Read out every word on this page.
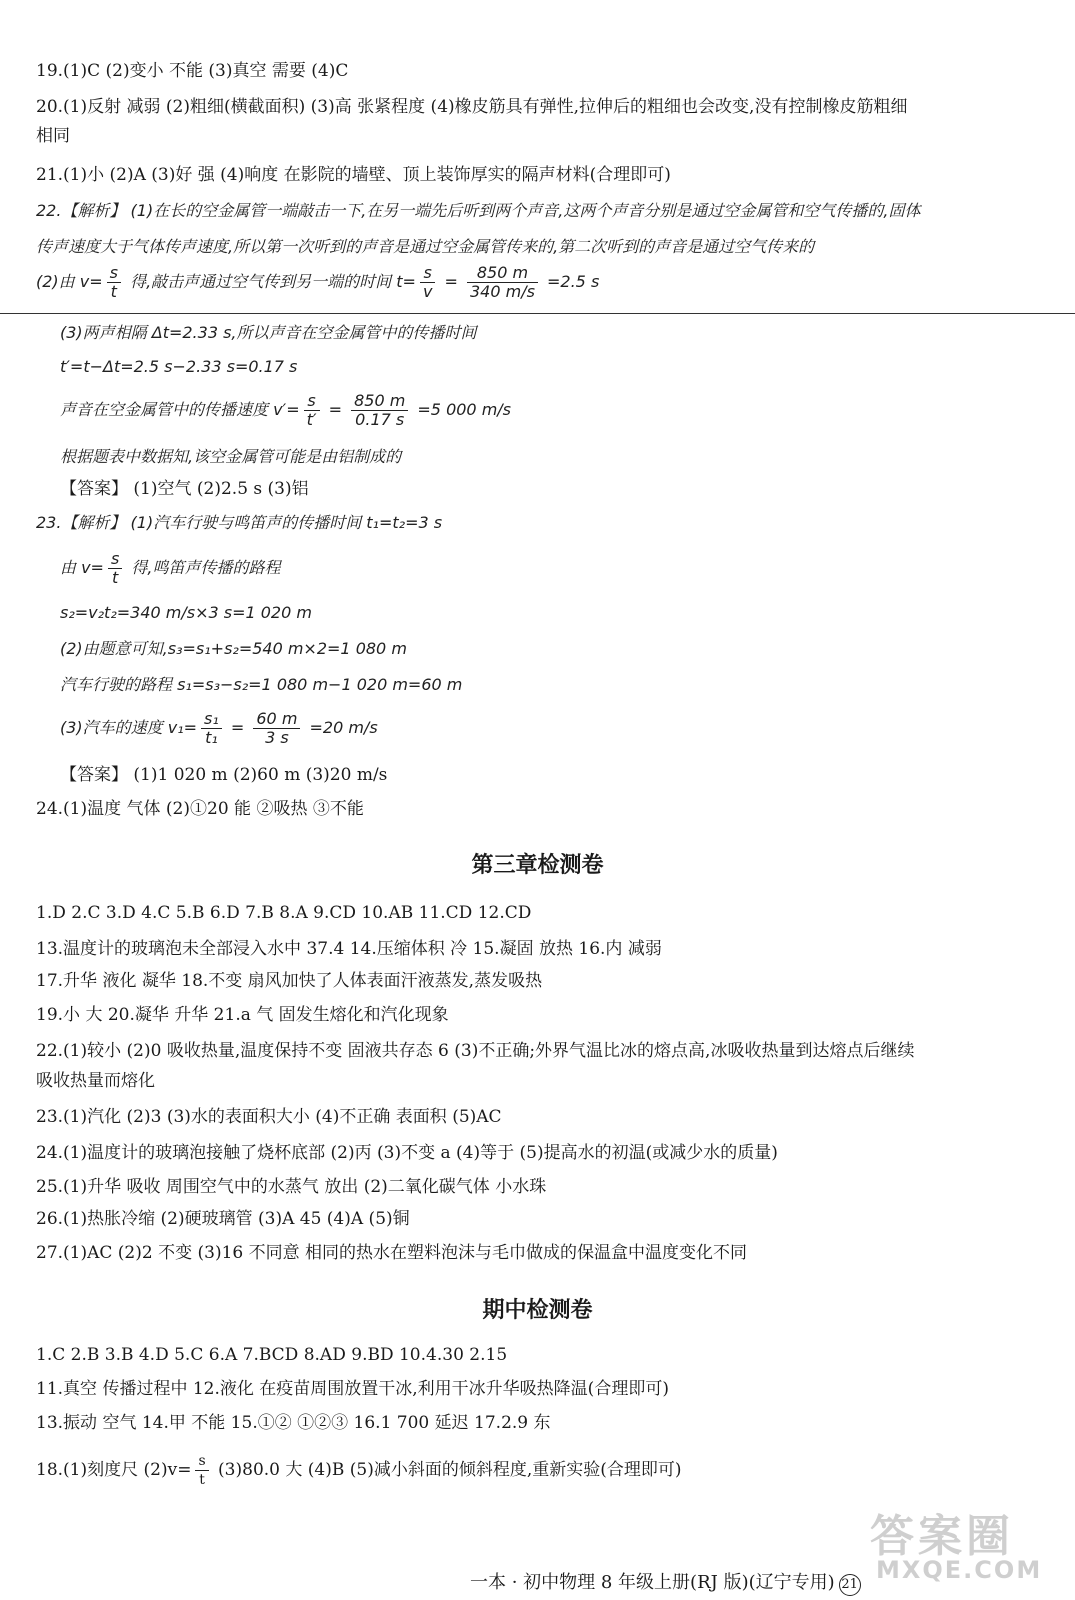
19.(1)C (2)变小 不能 (3)真空 需要 (4)C
20.(1)反射 减弱 (2)粗细(横截面积) (3)高 张紧程度 (4)橡皮筋具有弹性,拉伸后的粗细也会改变,没有控制橡皮筋粗细
相同
21.(1)小 (2)A (3)好 强 (4)响度 在影院的墙壁、顶上装饰厚实的隔声材料(合理即可)
22.【解析】 (1)在长的空金属管一端敲击一下,在另一端先后听到两个声音,这两个声音分别是通过空金属管和空气传播的,固体
传声速度大于气体传声速度,所以第一次听到的声音是通过空金属管传来的,第二次听到的声音是通过空气传来的
(2)由 $v= \frac{s}{t}$ 得,敲击声通过空气传到另一端的时间 $t= \frac{s}{v} = \frac{850 m}{340 m/s} =2.5$ s
(3)两声相隔 Δt=2.33 s,所以声音在空金属管中的传播时间
t′=t−Δt=2.5 s−2.33 s=0.17 s
声音在空金属管中的传播速度 $v'= \frac{s}{t'} = \frac{850 m}{0.17 s} =5$ 000 m/s
根据题表中数据知,该空金属管可能是由铝制成的
【答案】 (1)空气 (2)2.5 s (3)铝
23.【解析】 (1)汽车行驶与鸣笛声的传播时间 t₁=t₂=3 s
由 $v= \frac{s}{t}$ 得,鸣笛声传播的路程
s₂=v₂t₂=340 m/s×3 s=1 020 m
(2)由题意可知,s₃=s₁+s₂=540 m×2=1 080 m
汽车行驶的路程 s₁=s₃−s₂=1 080 m−1 020 m=60 m
(3)汽车的速度 $v_1= \frac{\text{s₁}}{\text{t₁}} = \frac{60 m}{3 s} =20$ m/s
【答案】 (1)1 020 m (2)60 m (3)20 m/s
24.(1)温度 气体 (2)①20 能 ②吸热 ③不能
第三章检测卷
1.D 2.C 3.D 4.C 5.B 6.D 7.B 8.A 9.CD 10.AB 11.CD 12.CD
13.温度计的玻璃泡未全部浸入水中 37.4 14.压缩体积 冷 15.凝固 放热 16.内 减弱
17.升华 液化 凝华 18.不变 扇风加快了人体表面汗液蒸发,蒸发吸热
19.小 大 20.凝华 升华 21.a 气 固发生熔化和汽化现象
22.(1)较小 (2)0 吸收热量,温度保持不变 固液共存态 6 (3)不正确;外界气温比冰的熔点高,冰吸收热量到达熔点后继续
吸收热量而熔化
23.(1)汽化 (2)3 (3)水的表面积大小 (4)不正确 表面积 (5)AC
24.(1)温度计的玻璃泡接触了烧杯底部 (2)丙 (3)不变 a (4)等于 (5)提高水的初温(或减少水的质量)
25.(1)升华 吸收 周围空气中的水蒸气 放出 (2)二氧化碳气体 小水珠
26.(1)热胀冷缩 (2)硬玻璃管 (3)A 45 (4)A (5)铜
27.(1)AC (2)2 不变 (3)16 不同意 相同的热水在塑料泡沫与毛巾做成的保温盒中温度变化不同
期中检测卷
1.C 2.B 3.B 4.D 5.C 6.A 7.BCD 8.AD 9.BD 10.4.30 2.15
11.真空 传播过程中 12.液化 在疫苗周围放置干冰,利用干冰升华吸热降温(合理即可)
13.振动 空气 14.甲 不能 15.①② ①②③ 16.1 700 延迟 17.2.9 东
18.(1)刻度尺 $(2)v= \frac{s}{t} (3)80.0$ 大 (4)B (5)减小斜面的倾斜程度,重新实验(合理即可)
一本 · 初中物理 8 年级上册(RJ 版)(辽宁专用) 21
答案圈
MXQE.COM
